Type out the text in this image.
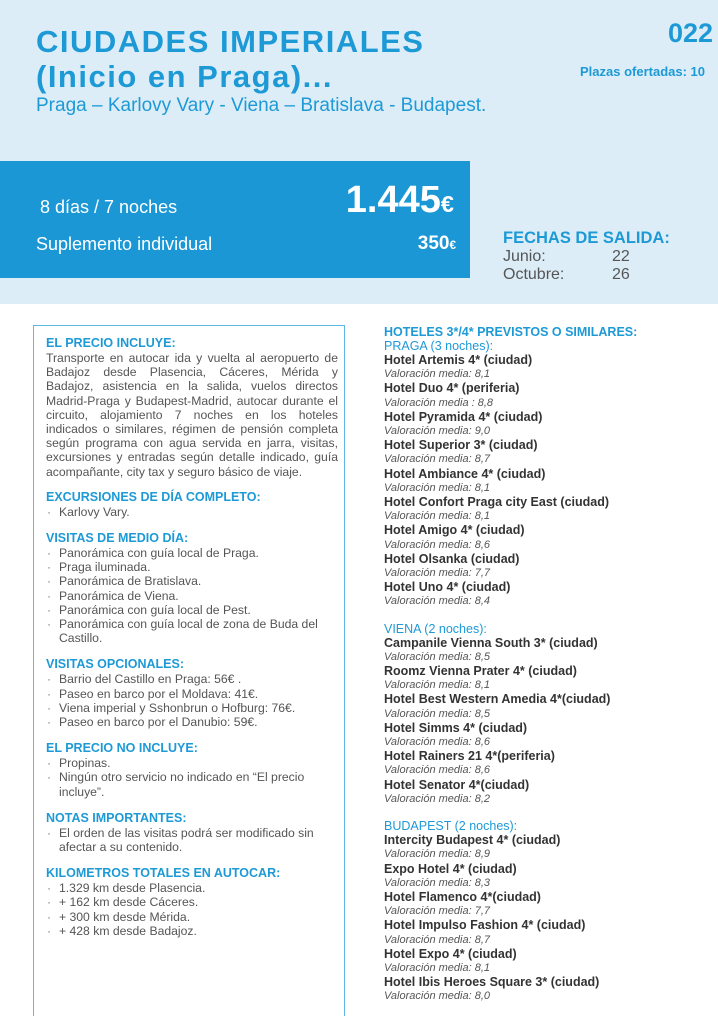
CIUDADES IMPERIALES
(Inicio en Praga)...
Praga – Karlovy Vary - Viena – Bratislava - Budapest.
022
Plazas ofertadas: 10
8 días / 7 noches	1.445€
Suplemento individual	350€	FECHAS DE SALIDA:
Junio:	22
Octubre:	26
EL PRECIO INCLUYE:
Transporte en autocar ida y vuelta al aeropuerto de Badajoz desde Plasencia, Cáceres, Mérida y Badajoz, asistencia en la salida, vuelos directos Madrid-Praga y Budapest-Madrid, autocar durante el circuito, alojamiento 7 noches en los hoteles indicados o similares, régimen de pensión completa según programa con agua servida en jarra, visitas, excursiones y entradas según detalle indicado, guía acompañante, city tax y seguro básico de viaje.
EXCURSIONES DE DÍA COMPLETO:
· Karlovy Vary.
VISITAS DE MEDIO DÍA:
· Panorámica con guía local de Praga.
· Praga iluminada.
· Panorámica de Bratislava.
· Panorámica de Viena.
· Panorámica con guía local de Pest.
· Panorámica con guía local de zona de Buda del Castillo.
VISITAS OPCIONALES:
· Barrio del Castillo en Praga: 56€ .
· Paseo en barco por el Moldava: 41€.
· Viena imperial y Sshonbrun o Hofburg: 76€.
· Paseo en barco por el Danubio: 59€.
EL PRECIO NO INCLUYE:
· Propinas.
· Ningún otro servicio no indicado en “El precio incluye”.
NOTAS IMPORTANTES:
· El orden de las visitas podrá ser modificado sin afectar a su contenido.
KILOMETROS TOTALES EN AUTOCAR:
· 1.329 km desde Plasencia.
· + 162 km desde Cáceres.
· + 300 km desde Mérida.
· + 428 km desde Badajoz.
HOTELES 3*/4* PREVISTOS O SIMILARES:
PRAGA (3 noches):
Hotel Artemis 4* (ciudad)
Valoración media: 8,1
Hotel Duo 4* (periferia)
Valoración media : 8,8
Hotel Pyramida 4* (ciudad)
Valoración media: 9,0
Hotel Superior 3* (ciudad)
Valoración media: 8,7
Hotel Ambiance 4* (ciudad)
Valoración media: 8,1
Hotel Confort Praga city East (ciudad)
Valoración media: 8,1
Hotel Amigo 4* (ciudad)
Valoración media: 8,6
Hotel Olsanka (ciudad)
Valoración media: 7,7
Hotel Uno 4* (ciudad)
Valoración media: 8,4
VIENA (2 noches):
Campanile Vienna South 3* (ciudad)
Valoración media: 8,5
Roomz Vienna Prater 4* (ciudad)
Valoración media: 8,1
Hotel Best Western Amedia 4*(ciudad)
Valoración media: 8,5
Hotel Simms 4* (ciudad)
Valoración media: 8,6
Hotel Rainers 21 4*(periferia)
Valoración media: 8,6
Hotel Senator 4*(ciudad)
Valoración media: 8,2
BUDAPEST (2 noches):
Intercity Budapest 4* (ciudad)
Valoración media: 8,9
Expo Hotel 4* (ciudad)
Valoración media: 8,3
Hotel Flamenco 4*(ciudad)
Valoración media: 7,7
Hotel Impulso Fashion 4* (ciudad)
Valoración media: 8,7
Hotel Expo 4* (ciudad)
Valoración media: 8,1
Hotel Ibis Heroes Square 3* (ciudad)
Valoración media: 8,0
